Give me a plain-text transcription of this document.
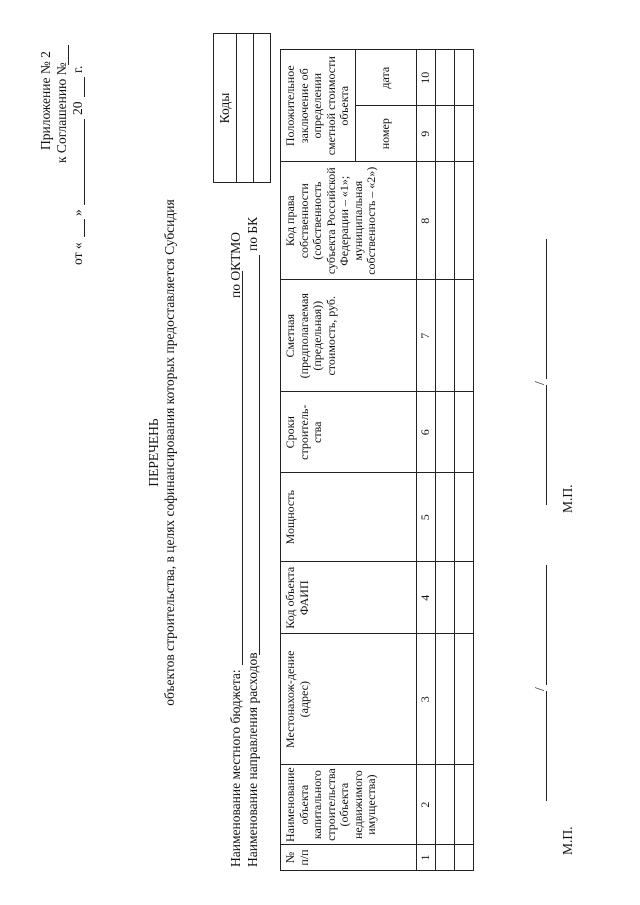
Приложение № 2 к Соглашению №
от «
»
20
г.
ПЕРЕЧЕНЬ объектов строительства, в целях софинансирования которых предоставляется Субсидия
Наименование местного бюджета:
по ОКТМО
Наименование направления расходов
по БК
Коды

№ п/п	Наименование объекта капитального строительства (объекта недвижимого имущества)	Местонахож-дение (адрес)	Код объекта ФАИП	Мощность	Сроки строитель-ства	Сметная (предполагаемая (предельная)) стоимость, руб.	Код права собственности (собственность субъекта Российской Федерации – «1»; муниципальная собственность – «2»)	Положительное заключение об определении сметной стоимости объекта	
								номер	дата
1	2	3	4	5	6	7	8	9	10

/
М.П.
М.П.
/
